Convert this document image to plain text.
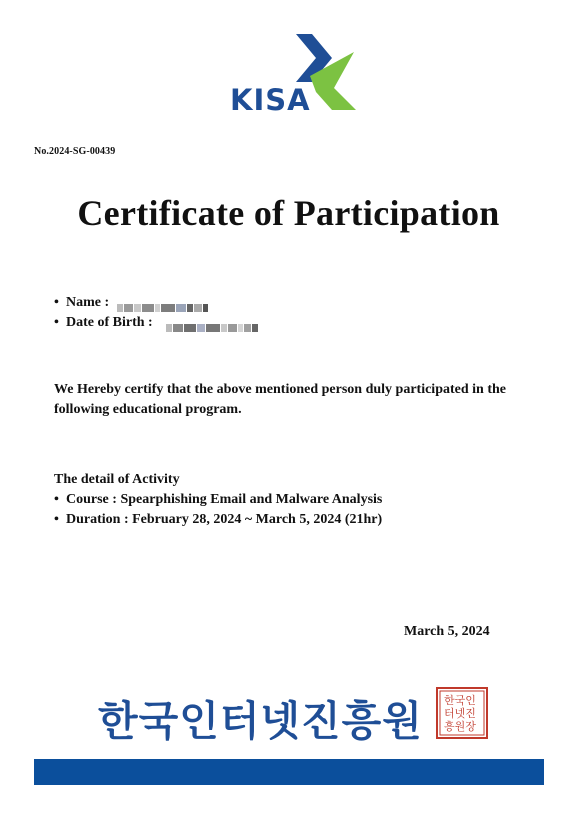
KISA
No.2024-SG-00439
Certificate of Participation
• Name :
• Date of Birth :
We Hereby certify that the above mentioned person duly participated in the following educational program.
The detail of Activity
• Course : Spearphishing Email and Malware Analysis
• Duration : February 28, 2024 ~ March 5, 2024 (21hr)
March 5, 2024
한국인터넷진흥원 한국인
터넷진
흥원장
